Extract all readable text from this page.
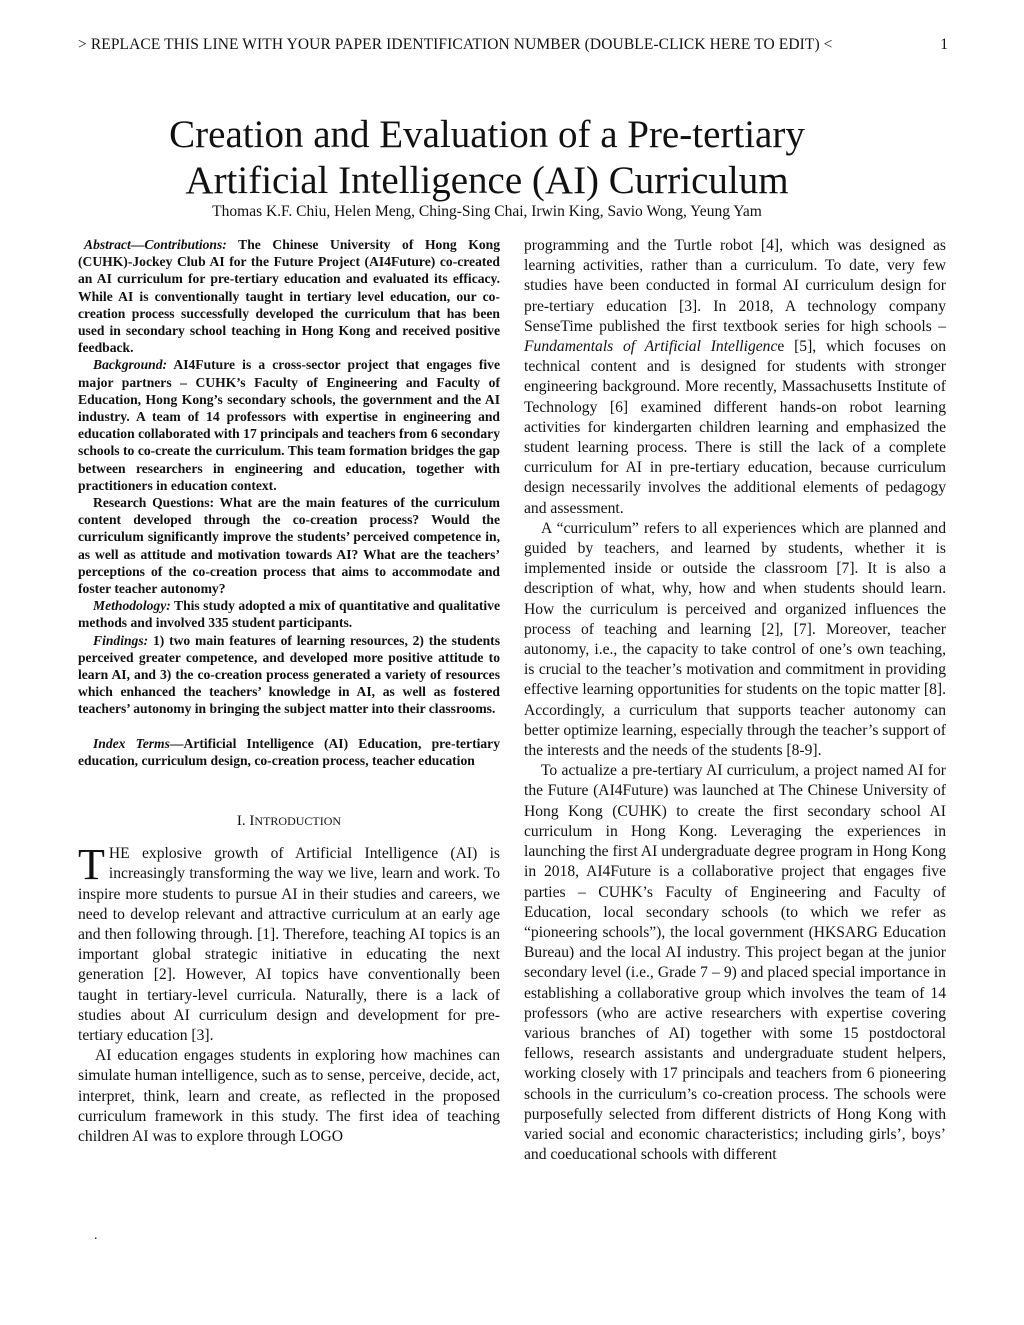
> REPLACE THIS LINE WITH YOUR PAPER IDENTIFICATION NUMBER (DOUBLE-CLICK HERE TO EDIT) <	1
Creation and Evaluation of a Pre-tertiary
Artificial Intelligence (AI) Curriculum
Thomas K.F. Chiu, Helen Meng, Ching-Sing Chai, Irwin King, Savio Wong, Yeung Yam

Abstract—Contributions: The Chinese University of Hong Kong (CUHK)-Jockey Club AI for the Future Project (AI4Future) co-created an AI curriculum for pre-tertiary education and evaluated its efficacy. While AI is conventionally taught in tertiary level education, our co-creation process successfully developed the curriculum that has been used in secondary school teaching in Hong Kong and received positive feedback.

Background: AI4Future is a cross-sector project that engages five major partners – CUHK’s Faculty of Engineering and Faculty of Education, Hong Kong’s secondary schools, the government and the AI industry. A team of 14 professors with expertise in engineering and education collaborated with 17 principals and teachers from 6 secondary schools to co-create the curriculum. This team formation bridges the gap between researchers in engineering and education, together with practitioners in education context.

Research Questions: What are the main features of the curriculum content developed through the co-creation process? Would the curriculum significantly improve the students’ perceived competence in, as well as attitude and motivation towards AI? What are the teachers’ perceptions of the co-creation process that aims to accommodate and foster teacher autonomy?

Methodology: This study adopted a mix of quantitative and qualitative methods and involved 335 student participants.

Findings: 1) two main features of learning resources, 2) the students perceived greater competence, and developed more positive attitude to learn AI, and 3) the co-creation process generated a variety of resources which enhanced the teachers’ knowledge in AI, as well as fostered teachers’ autonomy in bringing the subject matter into their classrooms.

Index Terms—Artificial Intelligence (AI) Education, pre-tertiary education, curriculum design, co-creation process, teacher education

I. INTRODUCTION

THE explosive growth of Artificial Intelligence (AI) is increasingly transforming the way we live, learn and work. To inspire more students to pursue AI in their studies and careers, we need to develop relevant and attractive curriculum at an early age and then following through. [1]. Therefore, teaching AI topics is an important global strategic initiative in educating the next generation [2]. However, AI topics have conventionally been taught in tertiary-level curricula. Naturally, there is a lack of studies about AI curriculum design and development for pre-tertiary education [3].

AI education engages students in exploring how machines can simulate human intelligence, such as to sense, perceive, decide, act, interpret, think, learn and create, as reflected in the proposed curriculum framework in this study. The first idea of teaching children AI was to explore through LOGO

programming and the Turtle robot [4], which was designed as learning activities, rather than a curriculum. To date, very few studies have been conducted in formal AI curriculum design for pre-tertiary education [3]. In 2018, A technology company SenseTime published the first textbook series for high schools – Fundamentals of Artificial Intelligence [5], which focuses on technical content and is designed for students with stronger engineering background. More recently, Massachusetts Institute of Technology [6] examined different hands-on robot learning activities for kindergarten children learning and emphasized the student learning process. There is still the lack of a complete curriculum for AI in pre-tertiary education, because curriculum design necessarily involves the additional elements of pedagogy and assessment.

A “curriculum” refers to all experiences which are planned and guided by teachers, and learned by students, whether it is implemented inside or outside the classroom [7]. It is also a description of what, why, how and when students should learn. How the curriculum is perceived and organized influences the process of teaching and learning [2], [7]. Moreover, teacher autonomy, i.e., the capacity to take control of one’s own teaching, is crucial to the teacher’s motivation and commitment in providing effective learning opportunities for students on the topic matter [8]. Accordingly, a curriculum that supports teacher autonomy can better optimize learning, especially through the teacher’s support of the interests and the needs of the students [8-9].

To actualize a pre-tertiary AI curriculum, a project named AI for the Future (AI4Future) was launched at The Chinese University of Hong Kong (CUHK) to create the first secondary school AI curriculum in Hong Kong. Leveraging the experiences in launching the first AI undergraduate degree program in Hong Kong in 2018, AI4Future is a collaborative project that engages five parties – CUHK’s Faculty of Engineering and Faculty of Education, local secondary schools (to which we refer as “pioneering schools”), the local government (HKSARG Education Bureau) and the local AI industry. This project began at the junior secondary level (i.e., Grade 7 – 9) and placed special importance in establishing a collaborative group which involves the team of 14 professors (who are active researchers with expertise covering various branches of AI) together with some 15 postdoctoral fellows, research assistants and undergraduate student helpers, working closely with 17 principals and teachers from 6 pioneering schools in the curriculum’s co-creation process. The schools were purposefully selected from different districts of Hong Kong with varied social and economic characteristics; including girls’, boys’ and coeducational schools with different

.
